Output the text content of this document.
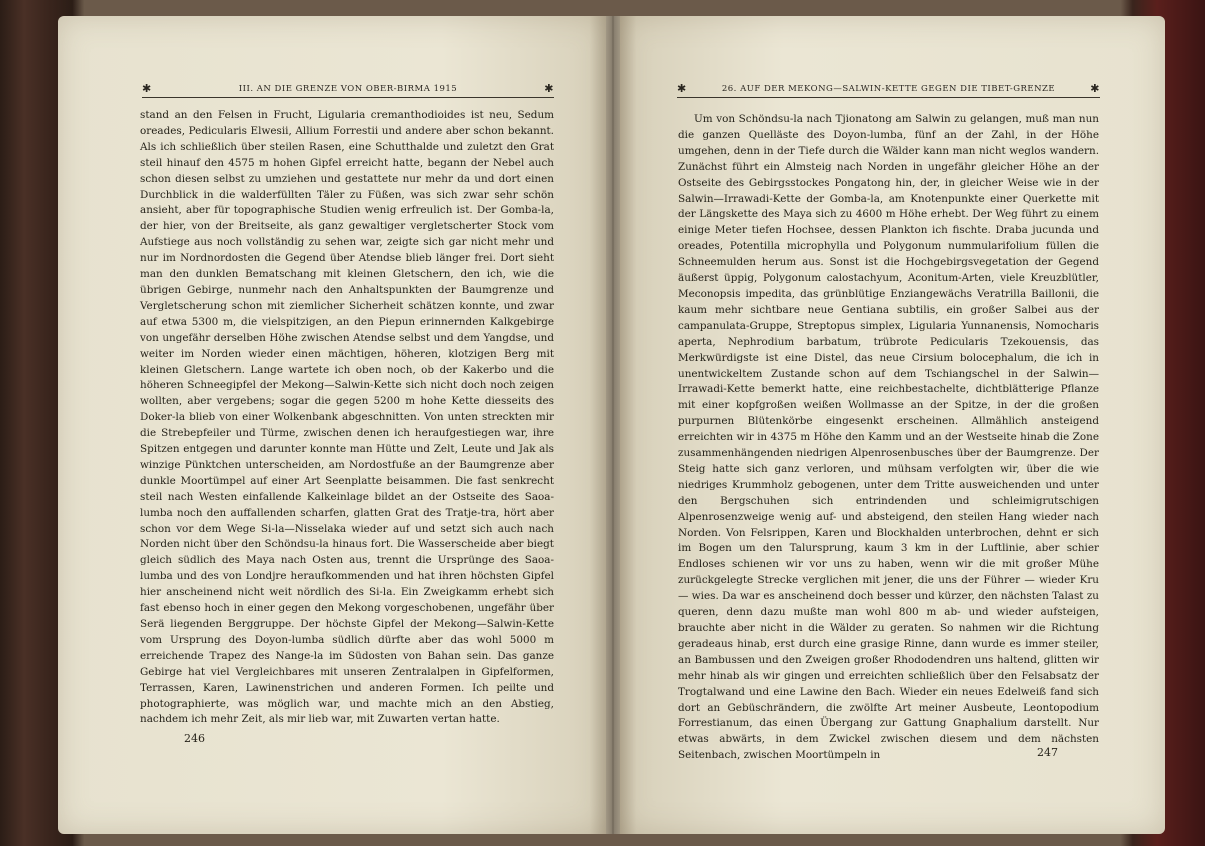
✱	III. AN DIE GRENZE VON OBER-BIRMA 1915	✱

stand an den Felsen in Frucht, Ligularia cremanthodioides ist neu, Sedum oreades, Pedicularis Elwesii, Allium Forrestii und andere aber schon bekannt. Als ich schließlich über steilen Rasen, eine Schutthalde und zuletzt den Grat steil hinauf den 4575 m hohen Gipfel erreicht hatte, begann der Nebel auch schon diesen selbst zu umziehen und gestattete nur mehr da und dort einen Durchblick in die walderfüllten Täler zu Füßen, was sich zwar sehr schön ansieht, aber für topographische Studien wenig erfreulich ist. Der Gomba-la, der hier, von der Breitseite, als ganz gewaltiger vergletscherter Stock vom Aufstiege aus noch vollständig zu sehen war, zeigte sich gar nicht mehr und nur im Nordnordosten die Gegend über Atendse blieb länger frei. Dort sieht man den dunklen Bematschang mit kleinen Gletschern, den ich, wie die übrigen Gebirge, nunmehr nach den Anhaltspunkten der Baumgrenze und Vergletscherung schon mit ziemlicher Sicherheit schätzen konnte, und zwar auf etwa 5300 m, die vielspitzigen, an den Piepun erinnernden Kalkgebirge von ungefähr derselben Höhe zwischen Atendse selbst und dem Yangdse, und weiter im Norden wieder einen mächtigen, höheren, klotzigen Berg mit kleinen Gletschern. Lange wartete ich oben noch, ob der Kakerbo und die höheren Schneegipfel der Mekong—Salwin-Kette sich nicht doch noch zeigen wollten, aber vergebens; sogar die gegen 5200 m hohe Kette diesseits des Doker-la blieb von einer Wolkenbank abgeschnitten. Von unten streckten mir die Strebepfeiler und Türme, zwischen denen ich heraufgestiegen war, ihre Spitzen entgegen und darunter konnte man Hütte und Zelt, Leute und Jak als winzige Pünktchen unterscheiden, am Nordostfuße an der Baumgrenze aber dunkle Moortümpel auf einer Art Seenplatte beisammen. Die fast senkrecht steil nach Westen einfallende Kalkeinlage bildet an der Ostseite des Saoa-lumba noch den auffallenden scharfen, glatten Grat des Tratje-tra, hört aber schon vor dem Wege Si-la—Nisselaka wieder auf und setzt sich auch nach Norden nicht über den Schöndsu-la hinaus fort. Die Wasserscheide aber biegt gleich südlich des Maya nach Osten aus, trennt die Ursprünge des Saoa-lumba und des von Londjre heraufkommenden und hat ihren höchsten Gipfel hier anscheinend nicht weit nördlich des Si-la. Ein Zweigkamm erhebt sich fast ebenso hoch in einer gegen den Mekong vorgeschobenen, ungefähr über Serä liegenden Berggruppe. Der höchste Gipfel der Mekong—Salwin-Kette vom Ursprung des Doyon-lumba südlich dürfte aber das wohl 5000 m erreichende Trapez des Nange-la im Südosten von Bahan sein. Das ganze Gebirge hat viel Vergleichbares mit unseren Zentralalpen in Gipfelformen, Terrassen, Karen, Lawinenstrichen und anderen Formen. Ich peilte und photographierte, was möglich war, und machte mich an den Abstieg, nachdem ich mehr Zeit, als mir lieb war, mit Zuwarten vertan hatte.

246
✱	26. AUF DER MEKONG—SALWIN-KETTE GEGEN DIE TIBET-GRENZE	✱

Um von Schöndsu-la nach Tjionatong am Salwin zu gelangen, muß man nun die ganzen Quelläste des Doyon-lumba, fünf an der Zahl, in der Höhe umgehen, denn in der Tiefe durch die Wälder kann man nicht weglos wandern. Zunächst führt ein Almsteig nach Norden in ungefähr gleicher Höhe an der Ostseite des Gebirgsstockes Pongatong hin, der, in gleicher Weise wie in der Salwin—Irrawadi-Kette der Gomba-la, am Knotenpunkte einer Querkette mit der Längskette des Maya sich zu 4600 m Höhe erhebt. Der Weg führt zu einem einige Meter tiefen Hochsee, dessen Plankton ich fischte. Draba jucunda und oreades, Potentilla microphylla und Polygonum nummularifolium füllen die Schneemulden herum aus. Sonst ist die Hochgebirgsvegetation der Gegend äußerst üppig, Polygonum calostachyum, Aconitum-Arten, viele Kreuzblütler, Meconopsis impedita, das grünblütige Enziangewächs Veratrilla Baillonii, die kaum mehr sichtbare neue Gentiana subtilis, ein großer Salbei aus der campanulata-Gruppe, Streptopus simplex, Ligularia Yunnanensis, Nomocharis aperta, Nephrodium barbatum, trübrote Pedicularis Tzekouensis, das Merkwürdigste ist eine Distel, das neue Cirsium bolocephalum, die ich in unentwickeltem Zustande schon auf dem Tschiangschel in der Salwin—Irrawadi-Kette bemerkt hatte, eine reichbestachelte, dichtblätterige Pflanze mit einer kopfgroßen weißen Wollmasse an der Spitze, in der die großen purpurnen Blütenkörbe eingesenkt erscheinen. Allmählich ansteigend erreichten wir in 4375 m Höhe den Kamm und an der Westseite hinab die Zone zusammenhängenden niedrigen Alpenrosenbusches über der Baumgrenze. Der Steig hatte sich ganz verloren, und mühsam verfolgten wir, über die wie niedriges Krummholz gebogenen, unter dem Tritte ausweichenden und unter den Bergschuhen sich entrindenden und schleimigrutschigen Alpenrosenzweige wenig auf- und absteigend, den steilen Hang wieder nach Norden. Von Felsrippen, Karen und Blockhalden unterbrochen, dehnt er sich im Bogen um den Talursprung, kaum 3 km in der Luftlinie, aber schier Endloses schienen wir vor uns zu haben, wenn wir die mit großer Mühe zurückgelegte Strecke verglichen mit jener, die uns der Führer — wieder Kru — wies. Da war es anscheinend doch besser und kürzer, den nächsten Talast zu queren, denn dazu mußte man wohl 800 m ab- und wieder aufsteigen, brauchte aber nicht in die Wälder zu geraten. So nahmen wir die Richtung geradeaus hinab, erst durch eine grasige Rinne, dann wurde es immer steiler, an Bambussen und den Zweigen großer Rhododendren uns haltend, glitten wir mehr hinab als wir gingen und erreichten schließlich über den Felsabsatz der Trogtalwand und eine Lawine den Bach. Wieder ein neues Edelweiß fand sich dort an Gebüschrändern, die zwölfte Art meiner Ausbeute, Leontopodium Forrestianum, das einen Übergang zur Gattung Gnaphalium darstellt. Nur etwas abwärts, in dem Zwickel zwischen diesem und dem nächsten Seitenbach, zwischen Moortümpeln in	247
